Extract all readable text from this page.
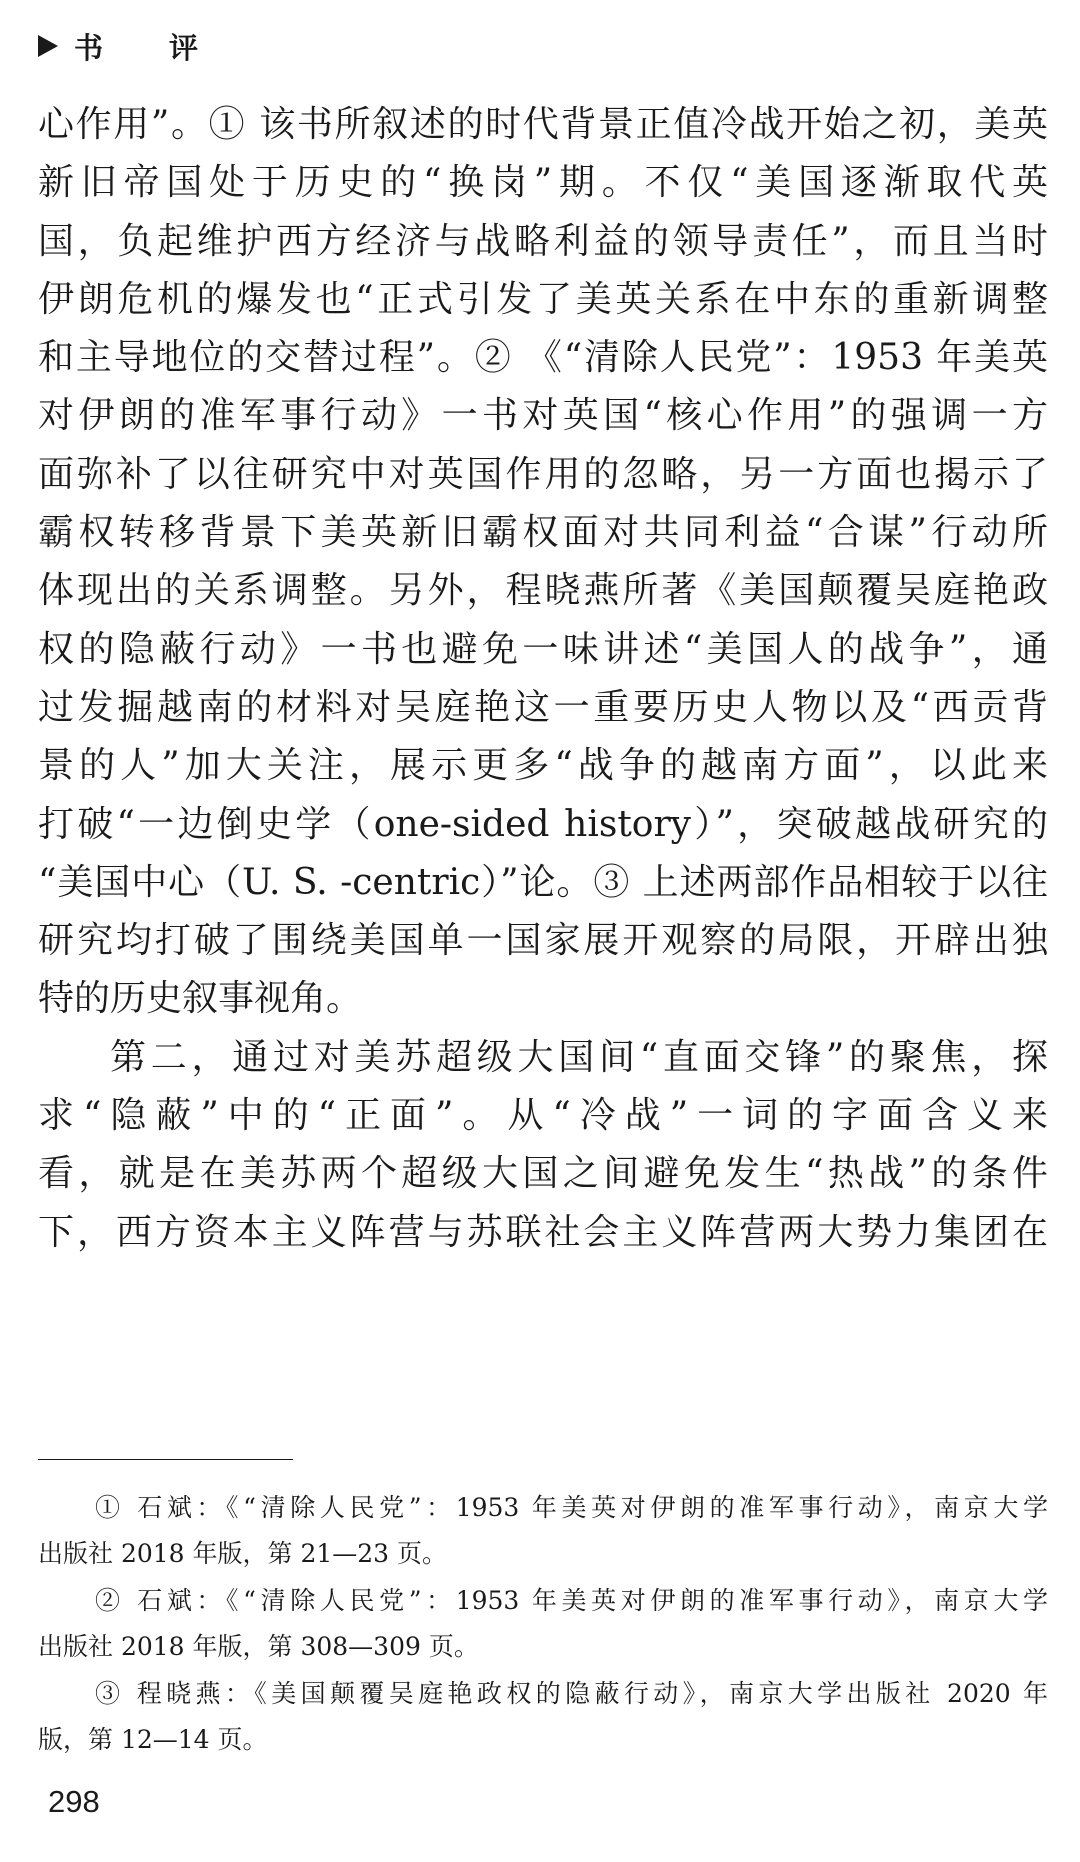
书 评
心作用”。① 该书所叙述的时代背景正值冷战开始之初，美英
新旧帝国处于历史的“换岗”期。不仅“美国逐渐取代英
国，负起维护西方经济与战略利益的领导责任”，而且当时
伊朗危机的爆发也“正式引发了美英关系在中东的重新调整
和主导地位的交替过程”。② 《“清除人民党”：1953 年美英
对伊朗的准军事行动》一书对英国“核心作用”的强调一方
面弥补了以往研究中对英国作用的忽略，另一方面也揭示了
霸权转移背景下美英新旧霸权面对共同利益“合谋”行动所
体现出的关系调整。另外，程晓燕所著《美国颠覆吴庭艳政
权的隐蔽行动》一书也避免一味讲述“美国人的战争”，通
过发掘越南的材料对吴庭艳这一重要历史人物以及“西贡背
景的人”加大关注，展示更多“战争的越南方面”，以此来
打破“一边倒史学（one-sided history）”，突破越战研究的
“美国中心（U. S. -centric）”论。③ 上述两部作品相较于以往
研究均打破了围绕美国单一国家展开观察的局限，开辟出独
特的历史叙事视角。
第二，通过对美苏超级大国间“直面交锋”的聚焦，探
求“隐蔽”中的“正面”。从“冷战”一词的字面含义来
看，就是在美苏两个超级大国之间避免发生“热战”的条件
下，西方资本主义阵营与苏联社会主义阵营两大势力集团在
① 石斌：《“清除人民党”：1953 年美英对伊朗的准军事行动》，南京大学
出版社 2018 年版，第 21—23 页。
② 石斌：《“清除人民党”：1953 年美英对伊朗的准军事行动》，南京大学
出版社 2018 年版，第 308—309 页。
③ 程晓燕：《美国颠覆吴庭艳政权的隐蔽行动》，南京大学出版社 2020 年
版，第 12—14 页。
298
